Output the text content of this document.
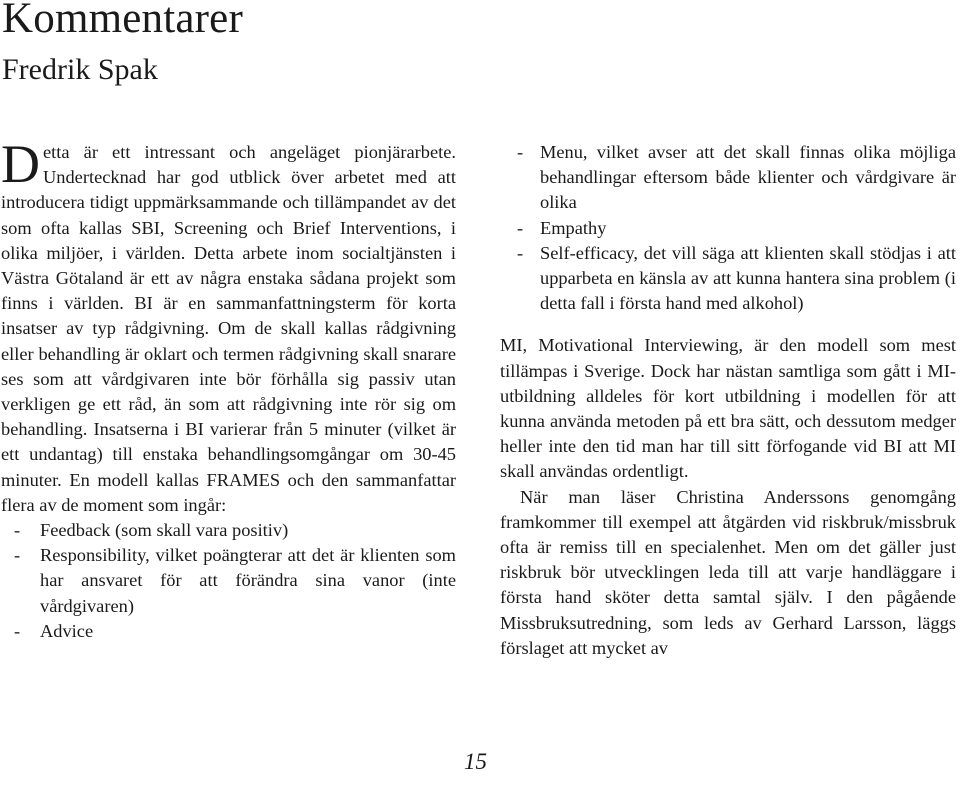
Kommentarer
Fredrik Spak

Detta är ett intressant och angeläget pionjärarbete. Undertecknad har god utblick över arbetet med att introducera tidigt uppmärksammande och tillämpandet av det som ofta kallas SBI, Screening och Brief Interventions, i olika miljöer, i världen. Detta arbete inom socialtjänsten i Västra Götaland är ett av några enstaka sådana projekt som finns i världen. BI är en sammanfattningsterm för korta insatser av typ rådgivning. Om de skall kallas rådgivning eller behandling är oklart och termen rådgivning skall snarare ses som att vårdgivaren inte bör förhålla sig passiv utan verkligen ge ett råd, än som att rådgivning inte rör sig om behandling. Insatserna i BI varierar från 5 minuter (vilket är ett undantag) till enstaka behandlingsomgångar om 30-45 minuter. En modell kallas FRAMES och den sammanfattar flera av de moment som ingår:

- Feedback (som skall vara positiv)
- Responsibility, vilket poängterar att det är klienten som har ansvaret för att förändra sina vanor (inte vårdgivaren)
- Advice
- Menu, vilket avser att det skall finnas olika möjliga behandlingar eftersom både klienter och vårdgivare är olika
- Empathy
- Self-efficacy, det vill säga att klienten skall stödjas i att upparbeta en känsla av att kunna hantera sina problem (i detta fall i första hand med alkohol)

MI, Motivational Interviewing, är den modell som mest tillämpas i Sverige. Dock har nästan samtliga som gått i MI-utbildning alldeles för kort utbildning i modellen för att kunna använda metoden på ett bra sätt, och dessutom medger heller inte den tid man har till sitt förfogande vid BI att MI skall användas ordentligt.

När man läser Christina Anderssons genomgång framkommer till exempel att åtgärden vid riskbruk/missbruk ofta är remiss till en specialenhet. Men om det gäller just riskbruk bör utvecklingen leda till att varje handläggare i första hand sköter detta samtal själv. I den pågående Missbruksutredning, som leds av Gerhard Larsson, läggs förslaget att mycket av

15
